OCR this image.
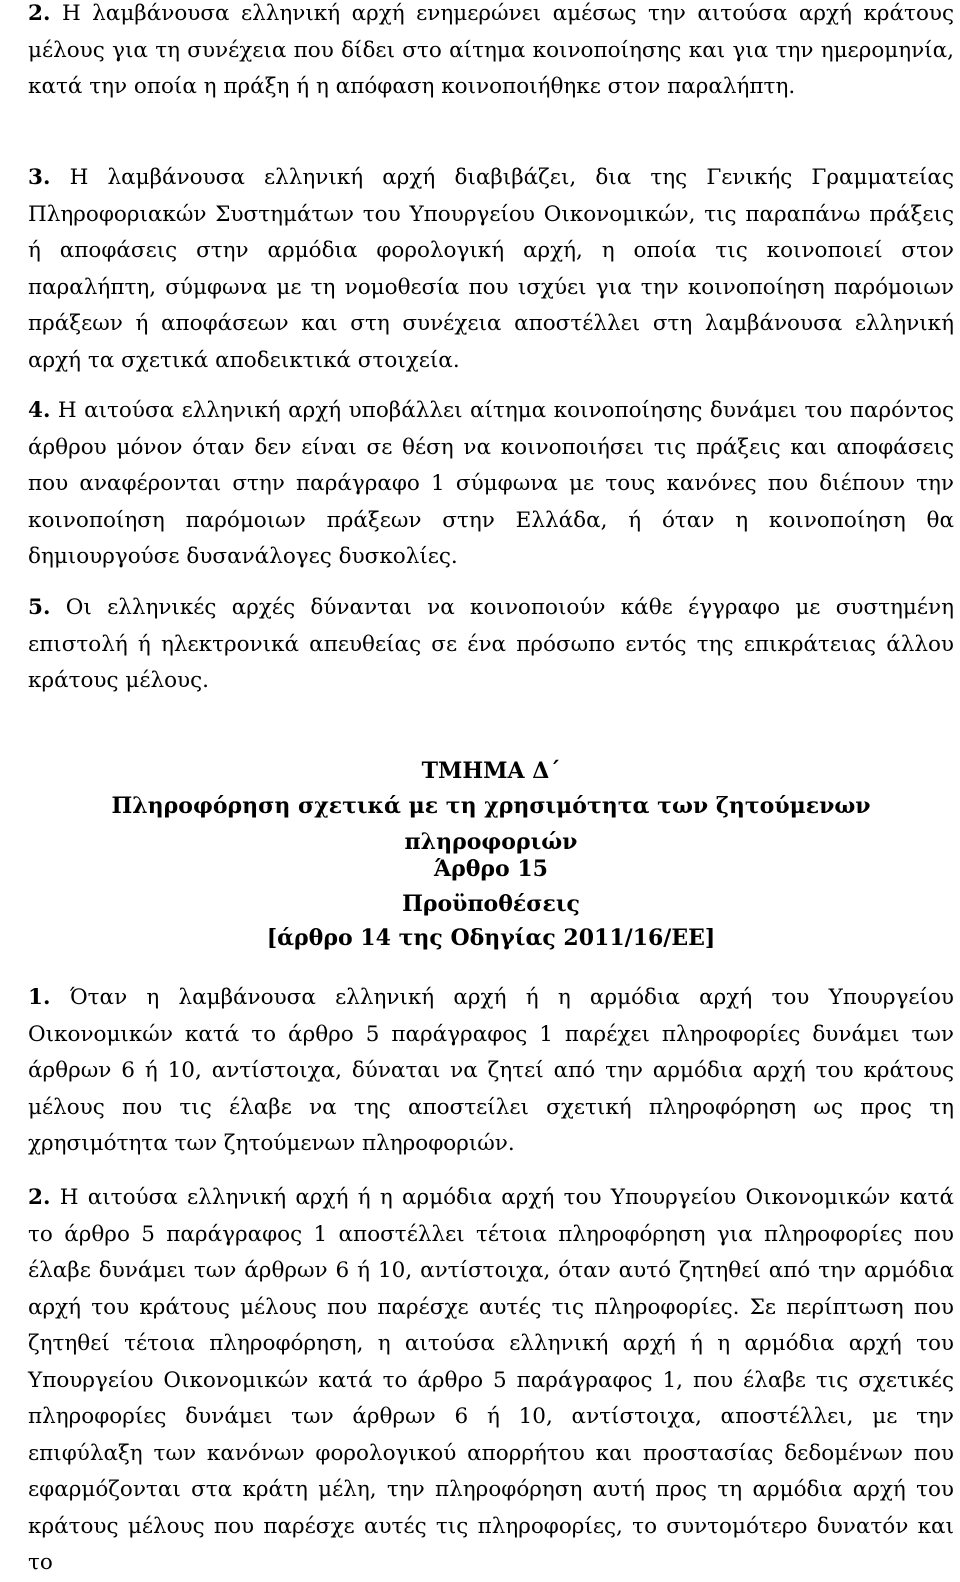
2. Η λαμβάνουσα ελληνική αρχή ενημερώνει αμέσως την αιτούσα αρχή κράτους μέλους για τη συνέχεια που δίδει στο αίτημα κοινοποίησης και για την ημερομηνία, κατά την οποία η πράξη ή η απόφαση κοινοποιήθηκε στον παραλήπτη.

3. Η λαμβάνουσα ελληνική αρχή διαβιβάζει, δια της Γενικής Γραμματείας Πληροφοριακών Συστημάτων του Υπουργείου Οικονομικών, τις παραπάνω πράξεις ή αποφάσεις στην αρμόδια φορολογική αρχή, η οποία τις κοινοποιεί στον παραλήπτη, σύμφωνα με τη νομοθεσία που ισχύει για την κοινοποίηση παρόμοιων πράξεων ή αποφάσεων και στη συνέχεια αποστέλλει στη λαμβάνουσα ελληνική αρχή τα σχετικά αποδεικτικά στοιχεία.

4. Η αιτούσα ελληνική αρχή υποβάλλει αίτημα κοινοποίησης δυνάμει του παρόντος άρθρου μόνον όταν δεν είναι σε θέση να κοινοποιήσει τις πράξεις και αποφάσεις που αναφέρονται στην παράγραφο 1 σύμφωνα με τους κανόνες που διέπουν την κοινοποίηση παρόμοιων πράξεων στην Ελλάδα, ή όταν η κοινοποίηση θα δημιουργούσε δυσανάλογες δυσκολίες.

5. Οι ελληνικές αρχές δύνανται να κοινοποιούν κάθε έγγραφο με συστημένη επιστολή ή ηλεκτρονικά απευθείας σε ένα πρόσωπο εντός της επικράτειας άλλου κράτους μέλους.

ΤΜΗΜΑ Δ΄

Πληροφόρηση σχετικά με τη χρησιμότητα των ζητούμενων πληροφοριών

Άρθρο 15

Προϋποθέσεις

[άρθρο 14 της Οδηγίας 2011/16/ΕΕ]

1. Όταν η λαμβάνουσα ελληνική αρχή ή η αρμόδια αρχή του Υπουργείου Οικονομικών κατά το άρθρο 5 παράγραφος 1 παρέχει πληροφορίες δυνάμει των άρθρων 6 ή 10, αντίστοιχα, δύναται να ζητεί από την αρμόδια αρχή του κράτους μέλους που τις έλαβε να της αποστείλει σχετική πληροφόρηση ως προς τη χρησιμότητα των ζητούμενων πληροφοριών.

2. Η αιτούσα ελληνική αρχή ή η αρμόδια αρχή του Υπουργείου Οικονομικών κατά το άρθρο 5 παράγραφος 1 αποστέλλει τέτοια πληροφόρηση για πληροφορίες που έλαβε δυνάμει των άρθρων 6 ή 10, αντίστοιχα, όταν αυτό ζητηθεί από την αρμόδια αρχή του κράτους μέλους που παρέσχε αυτές τις πληροφορίες. Σε περίπτωση που ζητηθεί τέτοια πληροφόρηση, η αιτούσα ελληνική αρχή ή η αρμόδια αρχή του Υπουργείου Οικονομικών κατά το άρθρο 5 παράγραφος 1, που έλαβε τις σχετικές πληροφορίες δυνάμει των άρθρων 6 ή 10, αντίστοιχα, αποστέλλει, με την επιφύλαξη των κανόνων φορολογικού απορρήτου και προστασίας δεδομένων που εφαρμόζονται στα κράτη μέλη, την πληροφόρηση αυτή προς τη αρμόδια αρχή του κράτους μέλους που παρέσχε αυτές τις πληροφορίες, το συντομότερο δυνατόν και το
